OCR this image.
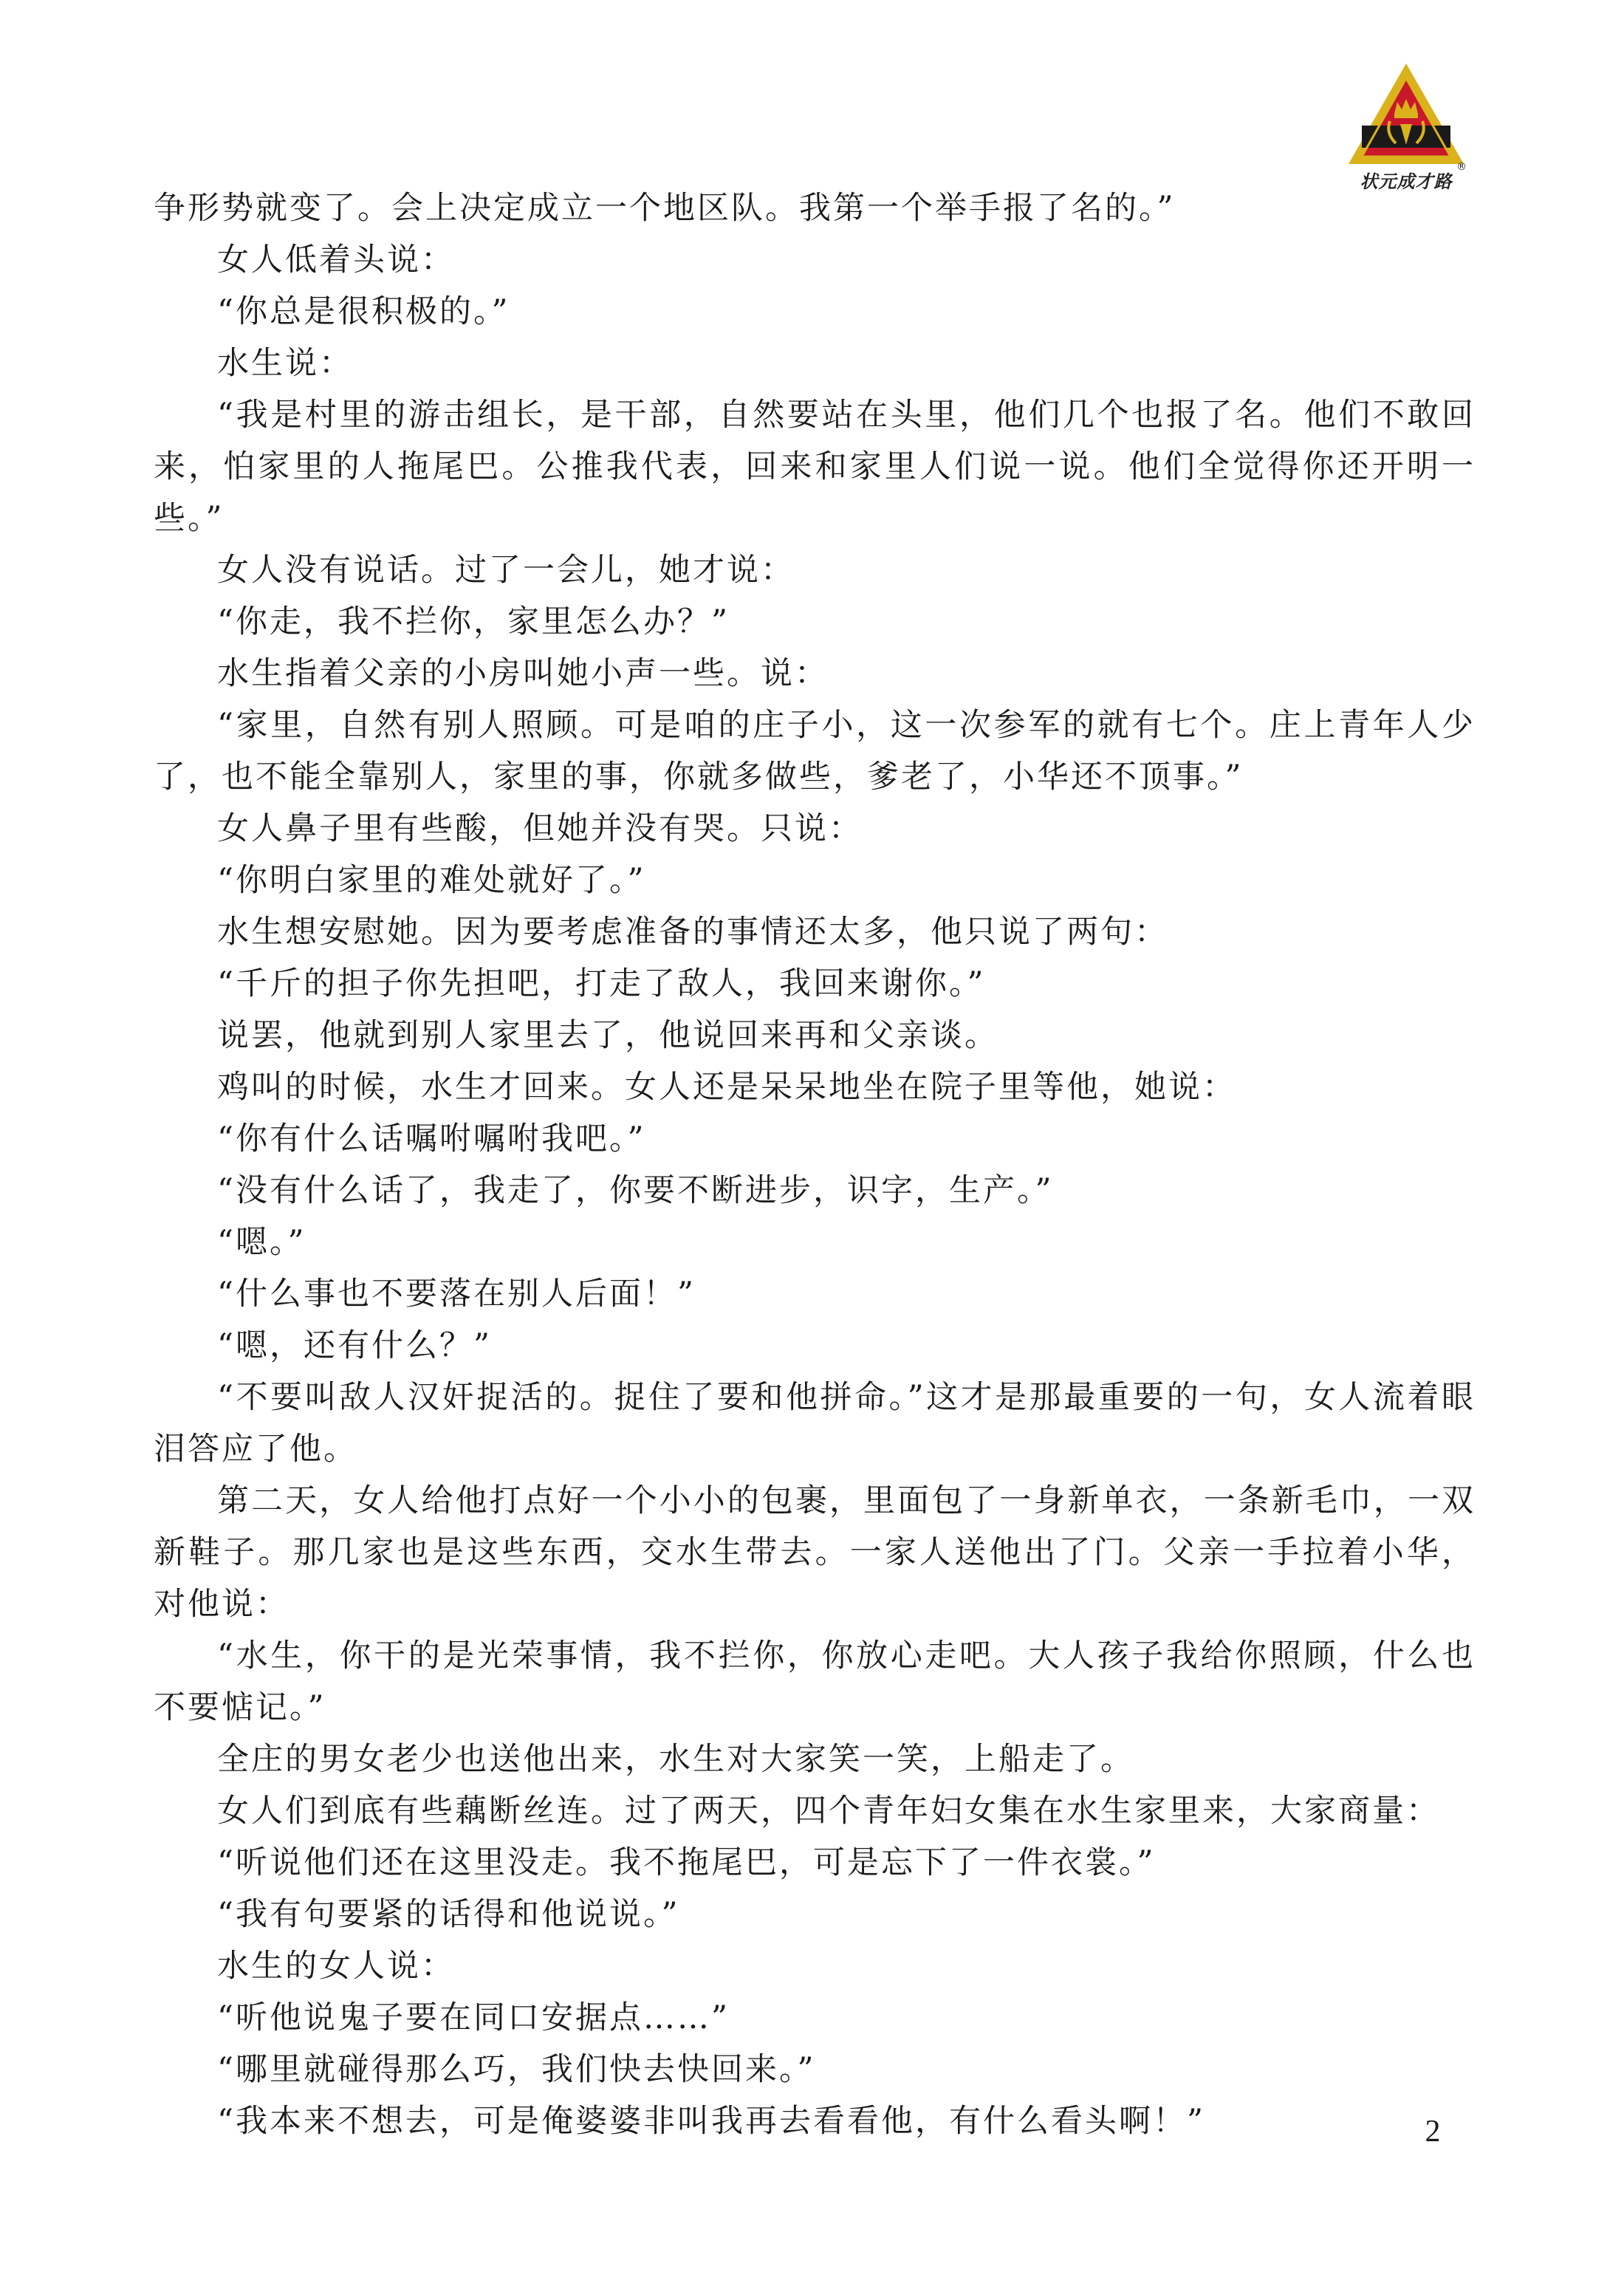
状元成才路
®

争形势就变了。会上决定成立一个地区队。我第一个举手报了名的。”

女人低着头说：

“你总是很积极的。”

水生说：

“我是村里的游击组长，是干部，自然要站在头里，他们几个也报了名。他们不敢回来，怕家里的人拖尾巴。公推我代表，回来和家里人们说一说。他们全觉得你还开明一些。”

女人没有说话。过了一会儿，她才说：

“你走，我不拦你，家里怎么办？”

水生指着父亲的小房叫她小声一些。说：

“家里，自然有别人照顾。可是咱的庄子小，这一次参军的就有七个。庄上青年人少了，也不能全靠别人，家里的事，你就多做些，爹老了，小华还不顶事。”

女人鼻子里有些酸，但她并没有哭。只说：

“你明白家里的难处就好了。”

水生想安慰她。因为要考虑准备的事情还太多，他只说了两句：

“千斤的担子你先担吧，打走了敌人，我回来谢你。”

说罢，他就到别人家里去了，他说回来再和父亲谈。

鸡叫的时候，水生才回来。女人还是呆呆地坐在院子里等他，她说：

“你有什么话嘱咐嘱咐我吧。”

“没有什么话了，我走了，你要不断进步，识字，生产。”

“嗯。”

“什么事也不要落在别人后面！”

“嗯，还有什么？”

“不要叫敌人汉奸捉活的。捉住了要和他拼命。”这才是那最重要的一句，女人流着眼泪答应了他。

第二天，女人给他打点好一个小小的包裹，里面包了一身新单衣，一条新毛巾，一双新鞋子。那几家也是这些东西，交水生带去。一家人送他出了门。父亲一手拉着小华，对他说：

“水生，你干的是光荣事情，我不拦你，你放心走吧。大人孩子我给你照顾，什么也不要惦记。”

全庄的男女老少也送他出来，水生对大家笑一笑，上船走了。

女人们到底有些藕断丝连。过了两天，四个青年妇女集在水生家里来，大家商量：

“听说他们还在这里没走。我不拖尾巴，可是忘下了一件衣裳。”

“我有句要紧的话得和他说说。”

水生的女人说：

“听他说鬼子要在同口安据点……”

“哪里就碰得那么巧，我们快去快回来。”

“我本来不想去，可是俺婆婆非叫我再去看看他，有什么看头啊！”	2
